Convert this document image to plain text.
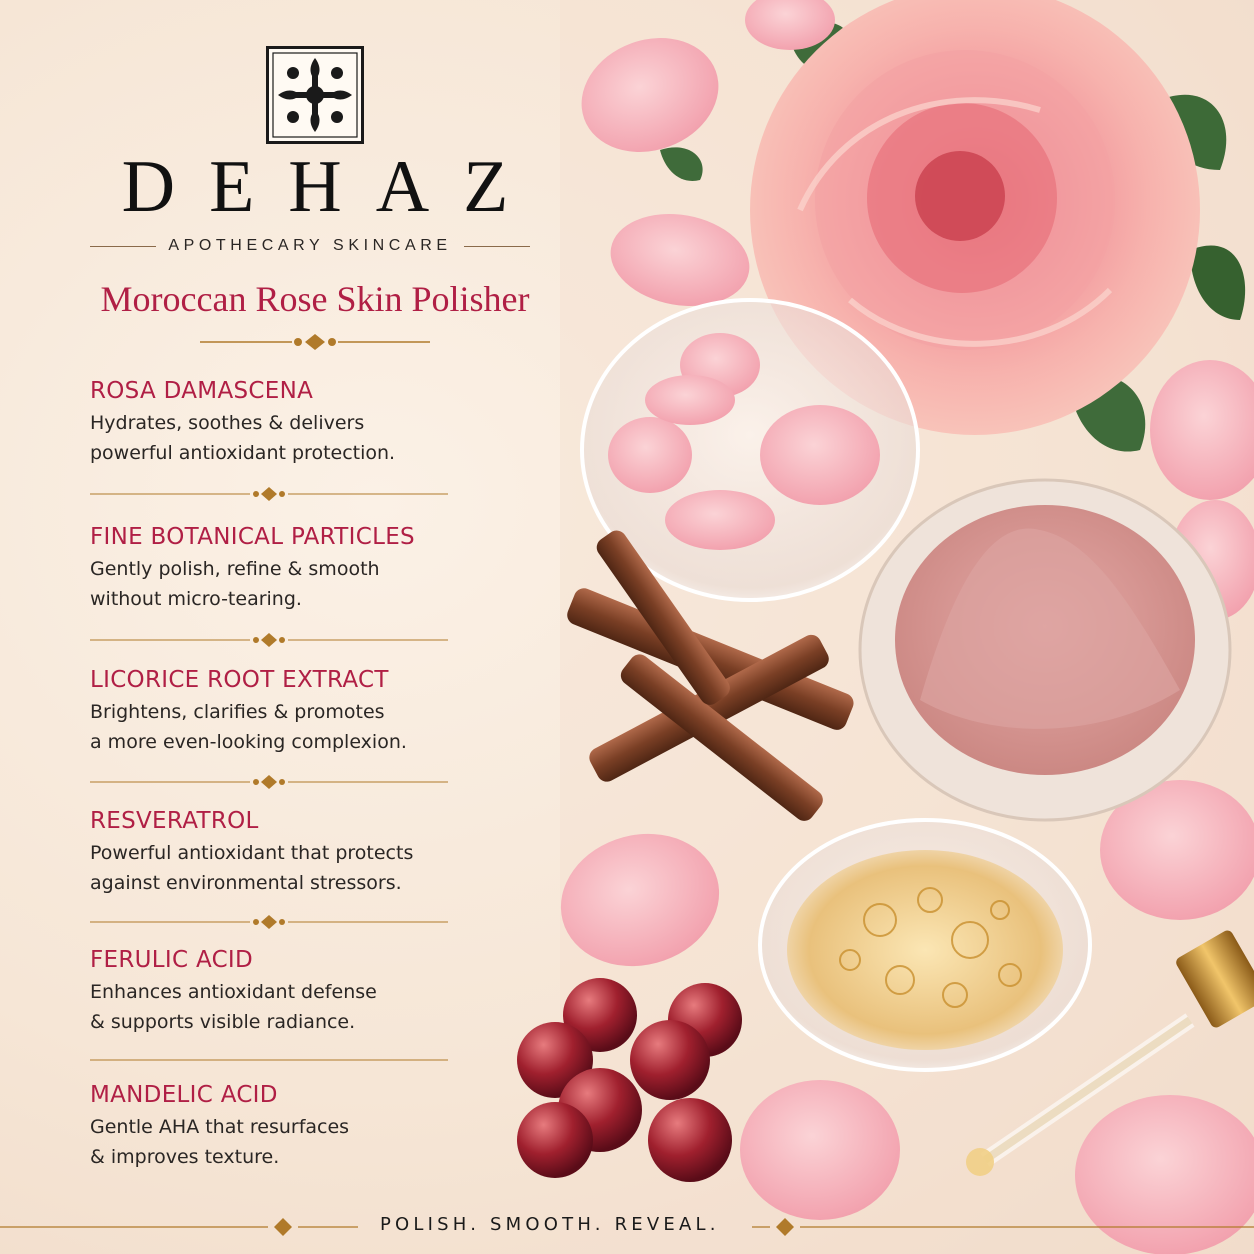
DEHAZ
APOTHECARY SKINCARE
Moroccan Rose Skin Polisher
ROSA DAMASCENA

Hydrates, soothes & delivers
powerful antioxidant protection.

FINE BOTANICAL PARTICLES

Gently polish, refine & smooth
without micro-tearing.

LICORICE ROOT EXTRACT

Brightens, clarifies & promotes
a more even-looking complexion.

RESVERATROL

Powerful antioxidant that protects
against environmental stressors.

FERULIC ACID

Enhances antioxidant defense
& supports visible radiance.

MANDELIC ACID

Gentle AHA that resurfaces
& improves texture.

POLISH. SMOOTH. REVEAL.
